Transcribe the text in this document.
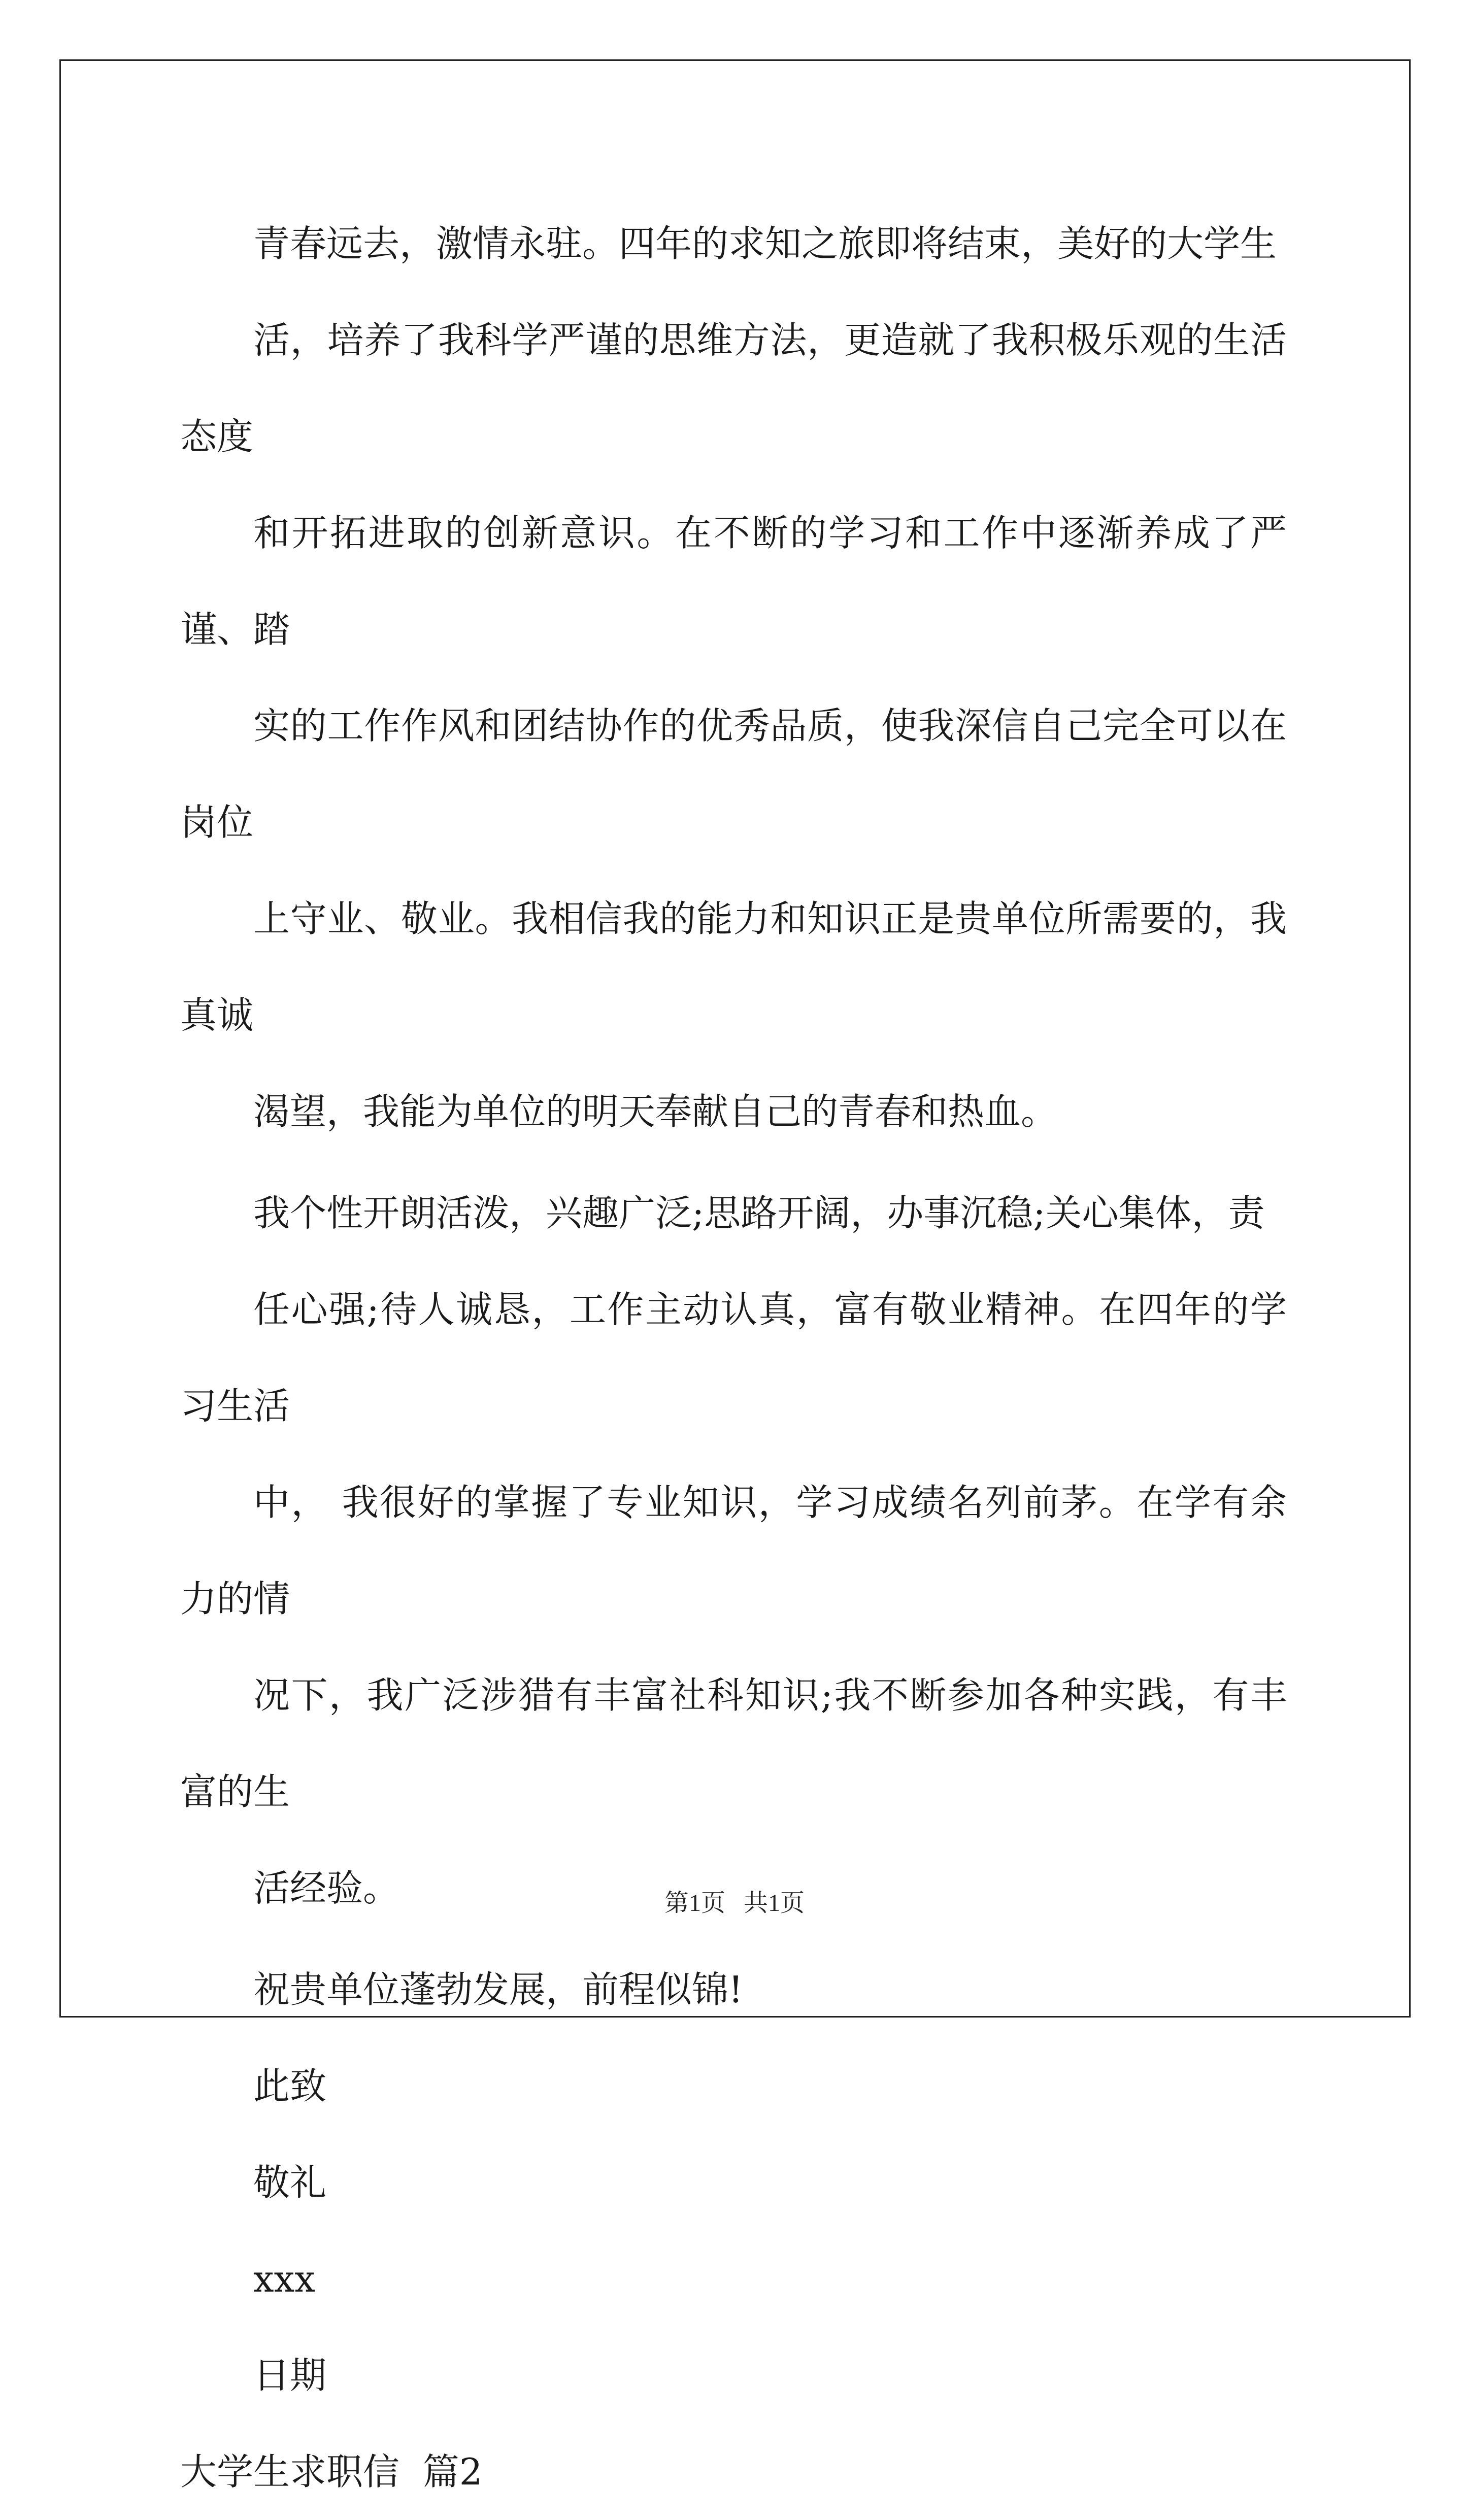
青春远去，激情永驻。四年的求知之旅即将结束，美好的大学生
活，培养了我科学严谨的思维方法，更造就了我积极乐观的生活态度
和开拓进取的创新意识。在不断的学习和工作中逐渐养成了严谨、踏
实的工作作风和团结协作的优秀品质，使我深信自己完全可以在岗位
上守业、敬业。我相信我的能力和知识正是贵单位所需要的，我真诚
渴望，我能为单位的明天奉献自己的青春和热血。

我个性开朗活泼，兴趣广泛;思路开阔，办事沉稳;关心集体，责
任心强;待人诚恳，工作主动认真，富有敬业精神。在四年的学习生活
中， 我很好的掌握了专业知识，学习成绩名列前茅。在学有余力的情
况下，我广泛涉猎有丰富社科知识;我不断参加各种实践，有丰富的生
活经验。

祝贵单位蓬勃发展，前程似锦!

此致

敬礼

xxx

日期

大学生求职信  篇2

第1页   共1页
